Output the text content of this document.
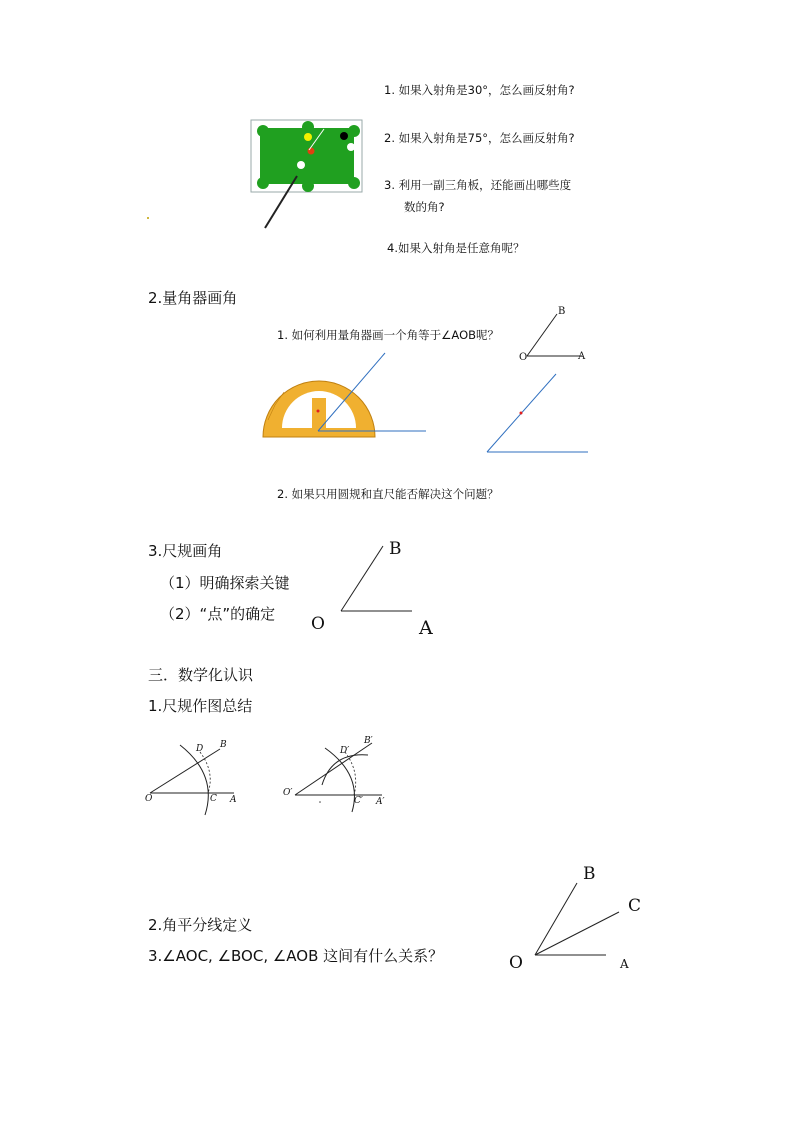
1. 如果入射角是30°，怎么画反射角?
2. 如果入射角是75°，怎么画反射角?
3. 利用一副三角板，还能画出哪些度
数的角?
4.如果入射角是任意角呢？
2.量角器画角
1. 如何利用量角器画一个角等于∠AOB呢？
B
O	A
2. 如果只用圆规和直尺能否解决这个问题？
3.尺规画角
（1）明确探索关键
（2）“点”的确定
B
O	A
三．数学化认识
1.尺规作图总结
O	C A
D B
O′
C′ A′
D′
B′
2.角平分线定义
3.∠AOC, ∠BOC, ∠AOB 这间有什么关系？
B
C
O	A
